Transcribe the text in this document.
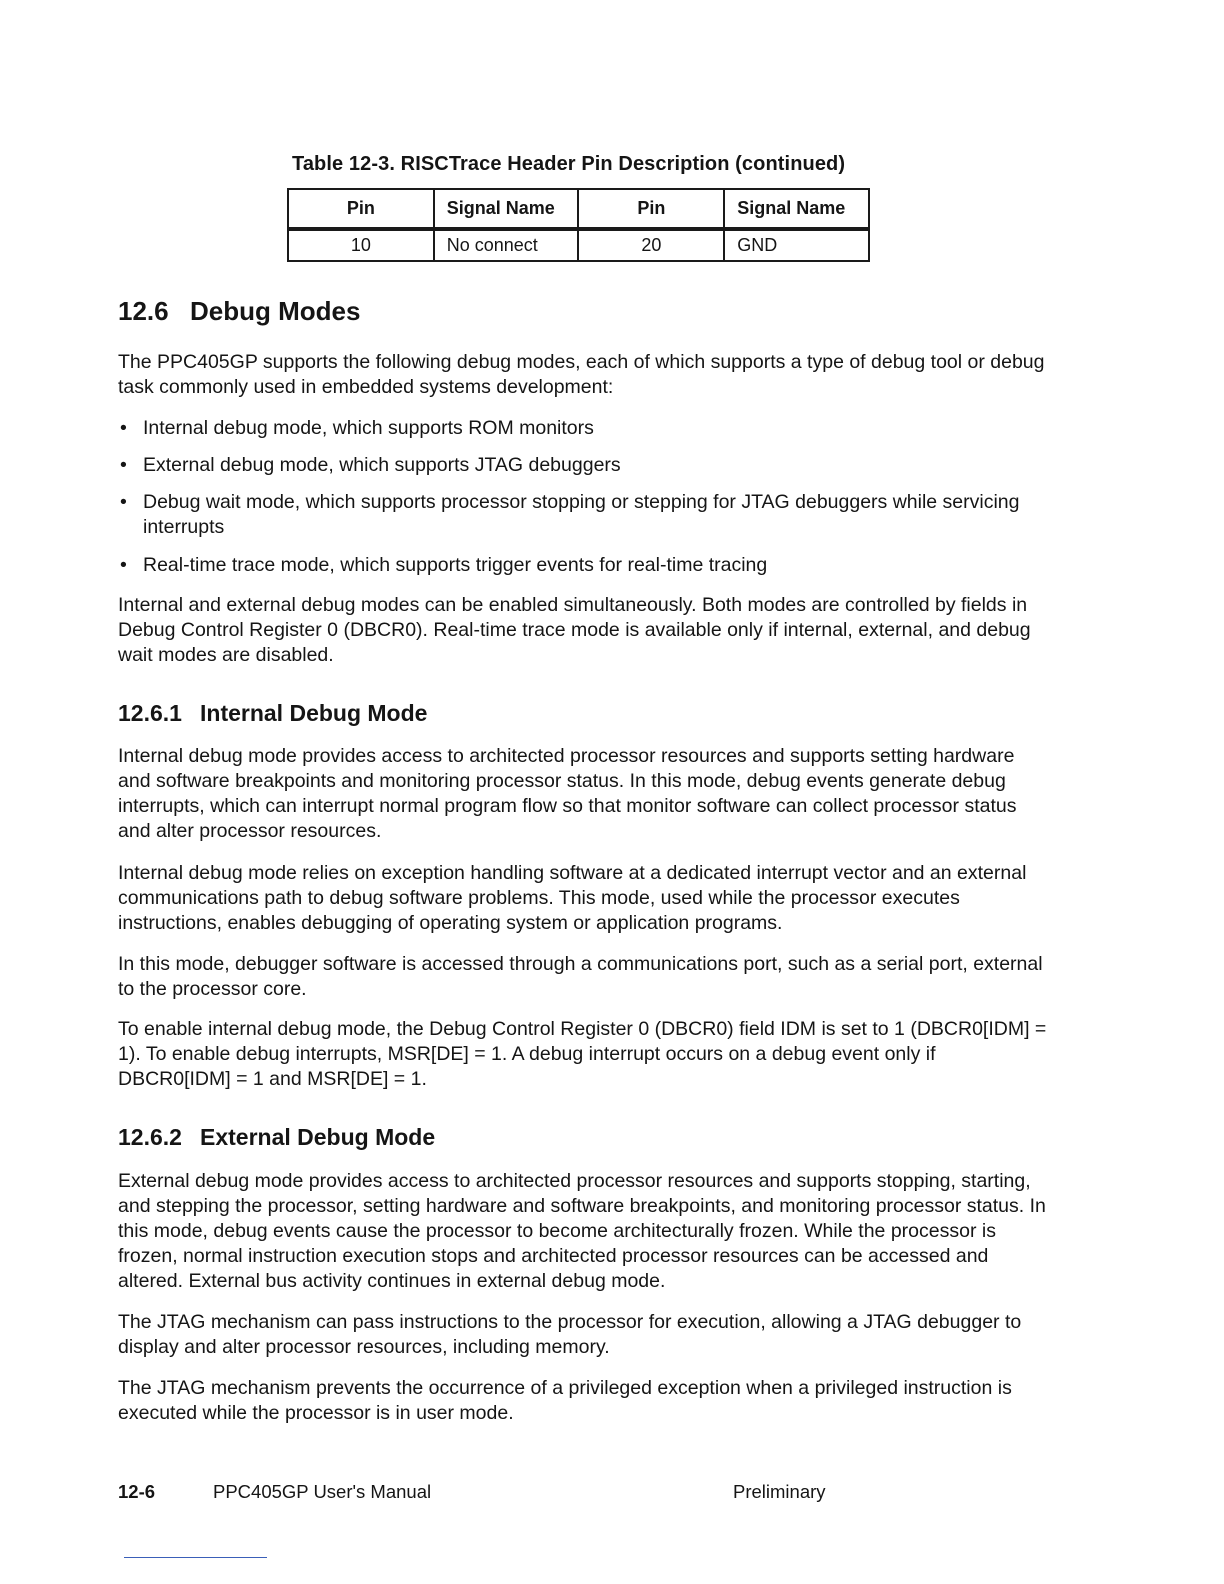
Table 12-3. RISCTrace Header Pin Description (continued)
Pin	Signal Name	Pin	Signal Name
10	No connect	20	GND
12.6 Debug Modes
The PPC405GP supports the following debug modes, each of which supports a type of debug tool or debug task commonly used in embedded systems development:
• Internal debug mode, which supports ROM monitors
• External debug mode, which supports JTAG debuggers
• Debug wait mode, which supports processor stopping or stepping for JTAG debuggers while servicing interrupts
• Real-time trace mode, which supports trigger events for real-time tracing
Internal and external debug modes can be enabled simultaneously. Both modes are controlled by fields in Debug Control Register 0 (DBCR0). Real-time trace mode is available only if internal, external, and debug wait modes are disabled.
12.6.1 Internal Debug Mode
Internal debug mode provides access to architected processor resources and supports setting hardware and software breakpoints and monitoring processor status. In this mode, debug events generate debug interrupts, which can interrupt normal program flow so that monitor software can collect processor status and alter processor resources.
Internal debug mode relies on exception handling software at a dedicated interrupt vector and an external communications path to debug software problems. This mode, used while the processor executes instructions, enables debugging of operating system or application programs.
In this mode, debugger software is accessed through a communications port, such as a serial port, external to the processor core.
To enable internal debug mode, the Debug Control Register 0 (DBCR0) field IDM is set to 1 (DBCR0[IDM] = 1). To enable debug interrupts, MSR[DE] = 1. A debug interrupt occurs on a debug event only if DBCR0[IDM] = 1 and MSR[DE] = 1.
12.6.2 External Debug Mode
External debug mode provides access to architected processor resources and supports stopping, starting, and stepping the processor, setting hardware and software breakpoints, and monitoring processor status. In this mode, debug events cause the processor to become architecturally frozen. While the processor is frozen, normal instruction execution stops and architected processor resources can be accessed and altered. External bus activity continues in external debug mode.
The JTAG mechanism can pass instructions to the processor for execution, allowing a JTAG debugger to display and alter processor resources, including memory.
The JTAG mechanism prevents the occurrence of a privileged exception when a privileged instruction is executed while the processor is in user mode.
12-6	PPC405GP User's Manual	Preliminary
